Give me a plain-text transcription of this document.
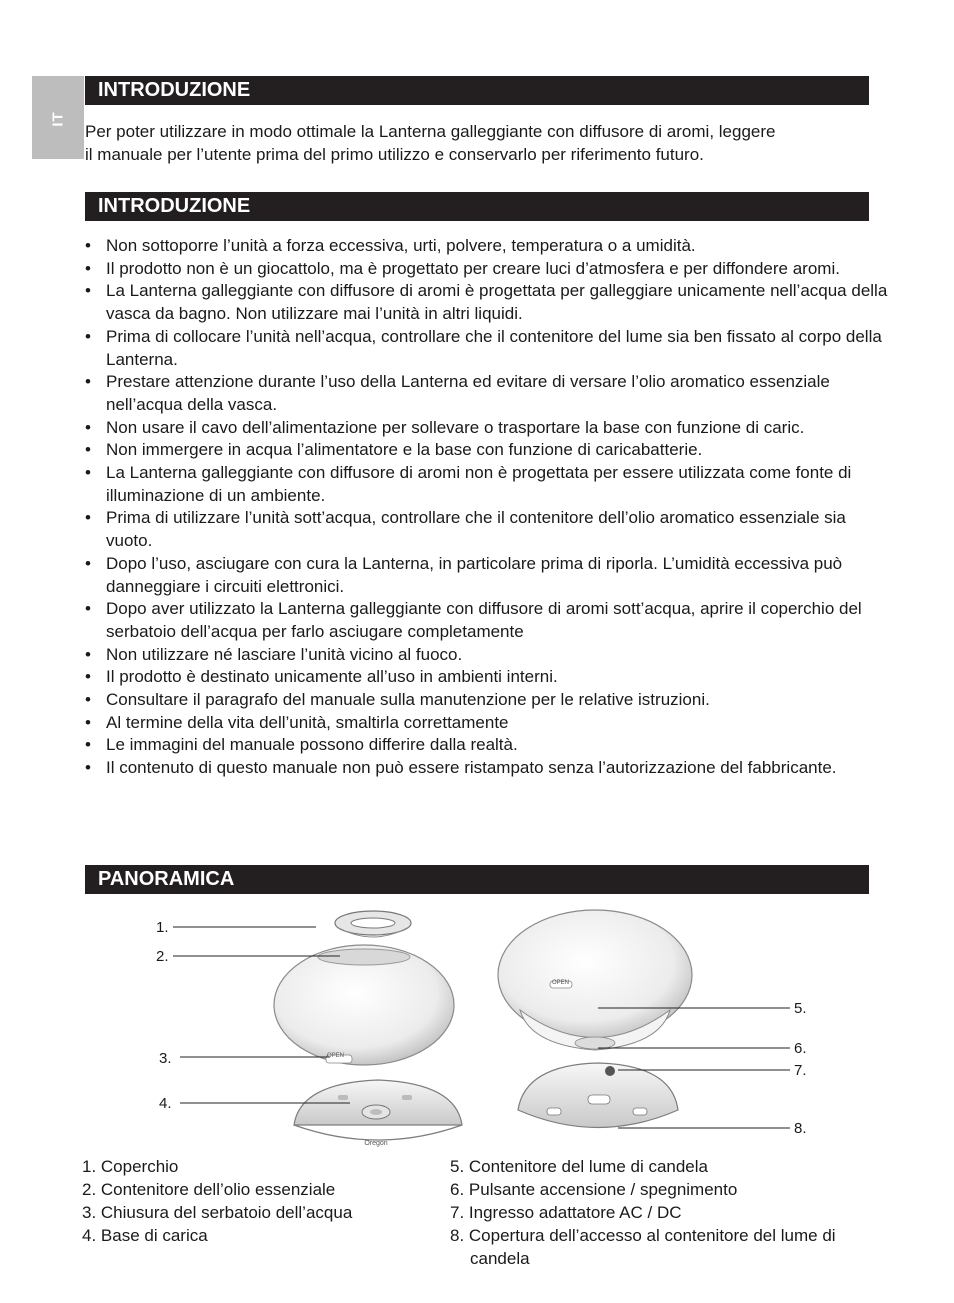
IT
INTRODUZIONE
Per poter utilizzare in modo ottimale la Lanterna galleggiante con diffusore di aromi, leggere
il manuale per l’utente prima del primo utilizzo e conservarlo per riferimento futuro.
INTRODUZIONE
• Non sottoporre l’unità a forza eccessiva, urti, polvere, temperatura o a umidità.
• Il prodotto non è un giocattolo, ma è progettato per creare luci d’atmosfera e per diffondere aromi.
• La Lanterna galleggiante con diffusore di aromi è progettata per galleggiare unicamente nell’acqua della vasca da bagno. Non utilizzare mai l’unità in altri liquidi.
• Prima di collocare l’unità nell’acqua, controllare che il contenitore del lume sia ben fissato al corpo della Lanterna.
• Prestare attenzione durante l’uso della Lanterna ed evitare di versare l’olio aromatico essenziale nell’acqua della vasca.
• Non usare il cavo dell’alimentazione per sollevare o trasportare la base con funzione di caric.
• Non immergere in acqua l’alimentatore e la base con funzione di caricabatterie.
• La Lanterna galleggiante con diffusore di aromi non è progettata per essere utilizzata come fonte di illuminazione di un ambiente.
• Prima di utilizzare l’unità sott’acqua, controllare che il contenitore dell’olio aromatico essenziale sia vuoto.
• Dopo l’uso, asciugare con cura la Lanterna, in particolare prima di riporla. L’umidità eccessiva può danneggiare i circuiti elettronici.
• Dopo aver utilizzato la Lanterna galleggiante con diffusore di aromi sott’acqua, aprire il coperchio del serbatoio dell’acqua per farlo asciugare completamente
• Non utilizzare né lasciare l’unità vicino al fuoco.
• Il prodotto è destinato unicamente all’uso in ambienti interni.
• Consultare il paragrafo del manuale sulla manutenzione per le relative istruzioni.
• Al termine della vita dell’unità, smaltirla correttamente
• Le immagini del manuale possono differire dalla realtà.
• Il contenuto di questo manuale non può essere ristampato senza l’autorizzazione del fabbricante.
PANORAMICA
Oregon
1.
2.
3.
4.
5.
6.
7.
8.
OPEN
OPEN
1. Coperchio
2. Contenitore dell’olio essenziale
3. Chiusura del serbatoio dell’acqua
4. Base di carica
5. Contenitore del lume di candela
6. Pulsante accensione / spegnimento
7. Ingresso adattatore AC / DC
8. Copertura dell’accesso al contenitore del lume di candela
